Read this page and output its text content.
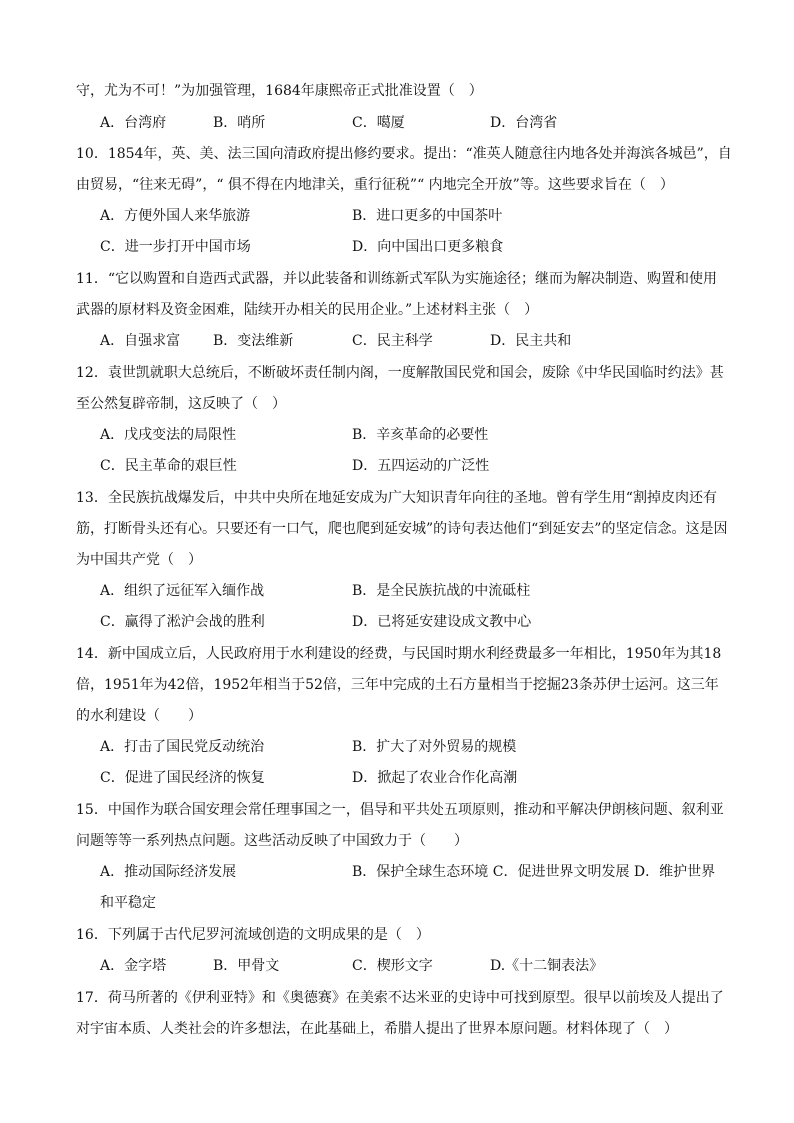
守，尤为不可！”为加强管理，1684年康熙帝正式批准设置（　）
A．台湾府	B．哨所	C．噶厦	D．台湾省
10．1854年，英、美、法三国向清政府提出修约要求。提出：“准英人随意往内地各处并海滨各城邑”，自
由贸易，“往来无碍”，“ 俱不得在内地津关，重行征税”“ 内地完全开放”等。这些要求旨在（　）
A．方便外国人来华旅游	B．进口更多的中国茶叶
C．进一步打开中国市场	D．向中国出口更多粮食
11．“它以购置和自造西式武器，并以此装备和训练新式军队为实施途径；继而为解决制造、购置和使用
武器的原材料及资金困难，陆续开办相关的民用企业。”上述材料主张（　）
A．自强求富 B．变法维新	C．民主科学	D．民主共和
12．袁世凯就职大总统后，不断破坏责任制内阁，一度解散国民党和国会，废除《中华民国临时约法》甚
至公然复辟帝制，这反映了（　）
A．戊戌变法的局限性	B．辛亥革命的必要性
C．民主革命的艰巨性	D．五四运动的广泛性
13．全民族抗战爆发后，中共中央所在地延安成为广大知识青年向往的圣地。曾有学生用“割掉皮肉还有
筋，打断骨头还有心。只要还有一口气，爬也爬到延安城”的诗句表达他们“到延安去”的坚定信念。这是因
为中国共产党（　）
A．组织了远征军入缅作战	B．是全民族抗战的中流砥柱
C．赢得了淞沪会战的胜利	D．已将延安建设成文教中心
14．新中国成立后，人民政府用于水利建设的经费，与民国时期水利经费最多一年相比，1950年为其18
倍，1951年为42倍，1952年相当于52倍，三年中完成的土石方量相当于挖掘23条苏伊士运河。这三年
的水利建设（　　）
A．打击了国民党反动统治	B．扩大了对外贸易的规模
C．促进了国民经济的恢复	D．掀起了农业合作化高潮
15．中国作为联合国安理会常任理事国之一，倡导和平共处五项原则，推动和平解决伊朗核问题、叙利亚
问题等等一系列热点问题。这些活动反映了中国致力于（　　）
A．推动国际经济发展	B．保护全球生态环境 C．促进世界文明发展 D．维护世界
和平稳定
16．下列属于古代尼罗河流域创造的文明成果的是（　）
A．金字塔	B．甲骨文	C．楔形文字	D.《十二铜表法》
17．荷马所著的《伊利亚特》和《奥德赛》在美索不达米亚的史诗中可找到原型。很早以前埃及人提出了
对宇宙本质、人类社会的许多想法，在此基础上，希腊人提出了世界本原问题。材料体现了（　）
